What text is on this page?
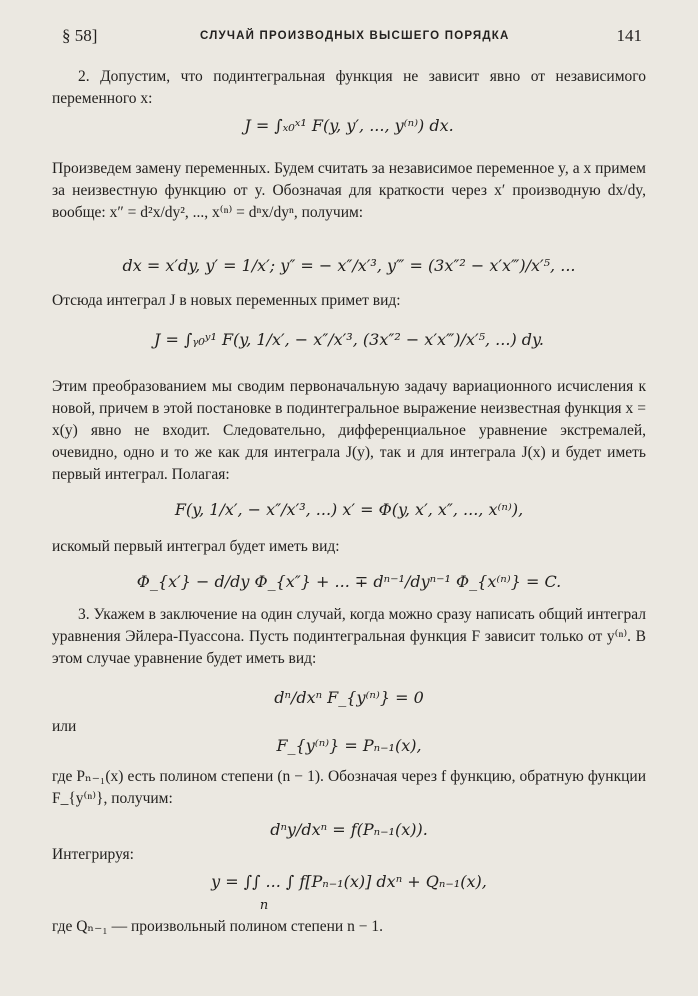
§ 58]	СЛУЧАЙ ПРОИЗВОДНЫХ ВЫСШЕГО ПОРЯДКА	141

2. Допустим, что подинтегральная функция не зависит явно от независимого переменного x:

J = ∫ₓ₀ˣ¹ F(y, y′, ..., y⁽ⁿ⁾) dx.

Произведем замену переменных. Будем считать за независимое переменное y, а x примем за неизвестную функцию от y. Обозначая для краткости через x′ производную dx/dy, вообще: x″ = d²x/dy², ..., x⁽ⁿ⁾ = dⁿx/dyⁿ, получим:

dx = x′dy, y′ = 1/x′; y″ = − x″/x′³, y‴ = (3x″² − x′x‴)/x′⁵, ...

Отсюда интеграл J в новых переменных примет вид:

J = ∫ᵧ₀ʸ¹ F(y, 1/x′, − x″/x′³, (3x″² − x′x‴)/x′⁵, ...) dy.

Этим преобразованием мы сводим первоначальную задачу вариационного исчисления к новой, причем в этой постановке в подинтегральное выражение неизвестная функция x = x(y) явно не входит. Следовательно, дифференциальное уравнение экстремалей, очевидно, одно и то же как для интеграла J(y), так и для интеграла J(x) и будет иметь первый интеграл. Полагая:

F(y, 1/x′, − x″/x′³, ...) x′ = Φ(y, x′, x″, ..., x⁽ⁿ⁾),

искомый первый интеграл будет иметь вид:

Φ_{x′} − d/dy Φ_{x″} + ... ∓ dⁿ⁻¹/dyⁿ⁻¹ Φ_{x⁽ⁿ⁾} = C.

3. Укажем в заключение на один случай, когда можно сразу написать общий интеграл уравнения Эйлера-Пуассона. Пусть подинтегральная функция F зависит только от y⁽ⁿ⁾. В этом случае уравнение будет иметь вид:

dⁿ/dxⁿ F_{y⁽ⁿ⁾} = 0
или
F_{y⁽ⁿ⁾} = Pₙ₋₁(x),

где Pₙ₋₁(x) есть полином степени (n − 1). Обозначая через f функцию, обратную функции F_{y⁽ⁿ⁾}, получим:

dⁿy/dxⁿ = f(Pₙ₋₁(x)).
Интегрируя:
y = ∫∫ ... ∫ f[Pₙ₋₁(x)] dxⁿ + Qₙ₋₁(x),
n

где Qₙ₋₁ — произвольный полином степени n − 1.
